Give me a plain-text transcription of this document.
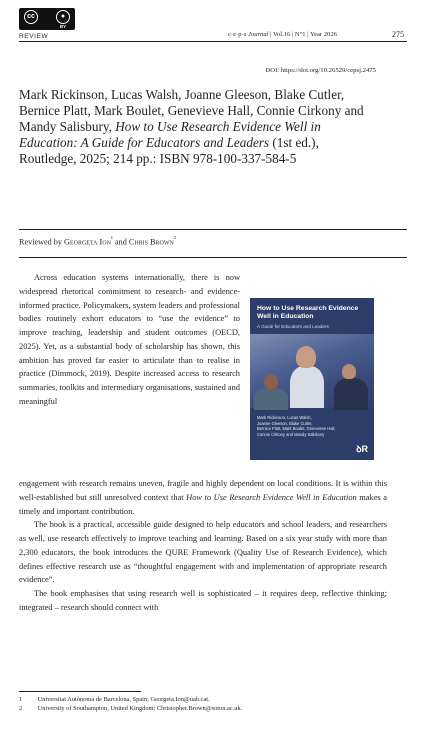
cc	●
BY
REVIEW	c·e·p·s Journal | Vol.16 | N°1 | Year 2026	275
DOI: https://doi.org/10.26529/cepsj.2475
Mark Rickinson, Lucas Walsh, Joanne Gleeson, Blake Cutler, Bernice Platt, Mark Boulet, Genevieve Hall, Connie Cirkony and Mandy Salisbury, How to Use Research Evidence Well in Education: A Guide for Educators and Leaders (1st ed.), Routledge, 2025; 214 pp.: ISBN 978-100-337-584-5
Reviewed by Georgeta Ion$^{^1}$ and Chris Brown$^{^2}$

Across education systems internationally, there is now widespread rhetorical commitment to research- and evidence-informed practice. Policymakers, system leaders and professional bodies routinely exhort educators to “use the evidence” to improve teaching, leadership and student outcomes (OECD, 2025). Yet, as a substantial body of scholarship has shown, this ambition has proved far easier to articulate than to realise in practice (Dimmock, 2019). Despite increased access to research summaries, toolkits and intermediary organisations, sustained and meaningful

How to Use Research Evidence Well in Education
A Guide for Educators and Leaders

Mark Rickinson, Lucas Walsh,
Joanne Gleeson, Blake Cutler,
Bernice Platt, Mark Boulet, Genevieve Hall,
Connie Cirkony and Mandy Salisbury

ꝺR

engagement with research remains uneven, fragile and highly dependent on local conditions. It is within this well-established but still unresolved context that How to Use Research Evidence Well in Education makes a timely and important contribution.

The book is a practical, accessible guide designed to help educators and school leaders, and researchers as well, use research effectively to improve teaching and learning. Based on a six year study with more than 2,300 educators, the book introduces the QURE Framework (Quality Use of Research Evidence), which defines effective research use as “thoughtful engagement with and implementation of appropriate research evidence”.

The book emphasises that using research well is sophisticated – it requires deep, reflective thinking; integrated – research should connect with

1 Universitat Autònoma de Barcelona, Spain; Georgeta.Ion@uab.cat.
2 University of Southampton, United Kingdom; Christopher.Brown@soton.ac.uk.
